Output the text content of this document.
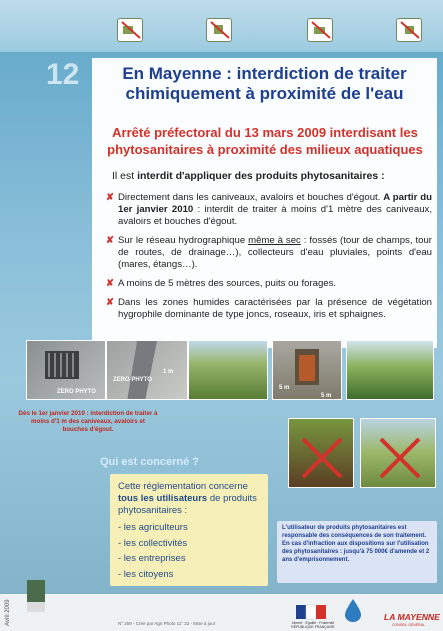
12	En Mayenne : interdiction de traiter
chimiquement à proximité de l'eau
Arrêté préfectoral du 13 mars 2009 interdisant les
phytosanitaires à proximité des milieux aquatiques
Il est interdit d'appliquer des produits phytosanitaires :
✘ Directement dans les caniveaux, avaloirs et bouches d'égout. A partir du 1er janvier 2010 : interdit de traiter à moins d'1 mètre des caniveaux, avaloirs et bouches d'égout.
✘ Sur le réseau hydrographique même à sec : fossés (tour de champs, tour de routes, de drainage…), collecteurs d'eau pluviales, points d'eau (mares, étangs…).
✘ A moins de 5 mètres des sources, puits ou forages.
✘ Dans les zones humides caractérisées par la présence de végétation hygrophile dominante de type joncs, roseaux, iris et sphaignes.
ZERO PHYTO
1 m
ZERO PHYTO
5 m
5 m
Dès le 1er janvier 2010 : interdiction de traiter à moins d'1 m des caniveaux, avaloirs et bouches d'égout.
Qui est concerné ?
Cette réglementation concerne tous les utilisateurs de produits phytosanitaires :
- les agriculteurs
- les collectivités
- les entreprises
- les citoyens
L'utilisateur de produits phytosanitaires est responsable des conséquences de son traitement. En cas d'infraction aux dispositions sur l'utilisation des phytosanitaires : jusqu'à 75 000€ d'amende et 2 ans d'emprisonnement.
Avril 2009	N° 259 - Crée par Agri Photo 11° 22 - Mise à jour	Liberté · Égalité · Fraternité RÉPUBLIQUE FRANÇAISE
LA MAYENNE
CONSEIL GÉNÉRAL
